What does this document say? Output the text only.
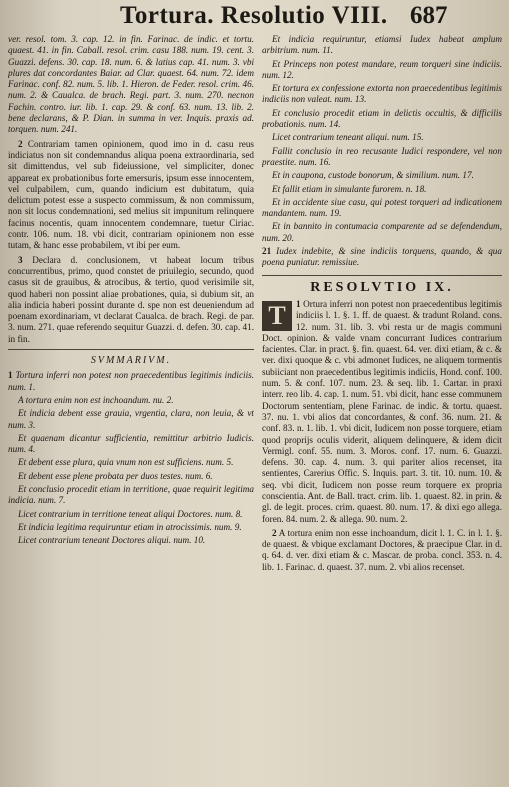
Tortura. Resolutio VIII. 687

ver. resol. tom. 3. cap. 12. in fin. Farinac. de indic. et tortu. quaest. 41. in fin. Caball. resol. crim. casu 188. num. 19. cent. 3. Guazzi. defens. 30. cap. 18. num. 6. & latius cap. 41. num. 3. vbi plures dat concordantes Baiar. ad Clar. quaest. 64. num. 72. idem Farinac. conf. 82. num. 5. lib. 1. Hieron. de Feder. resol. crim. 46. num. 2. & Caualca. de brach. Regi. part. 3. num. 270. necnon Fachin. contro. iur. lib. 1. cap. 29. & conf. 63. num. 13. lib. 2. bene declarans, & P. Dian. in summa in ver. Inquis. praxis ad. torquen. num. 241.

2 Contrariam tamen opinionem, quod imo in d. casu reus indiciatus non sit condemnandus aliqua poena extraordinaria, sed sit dimittendus, vel sub fideiussione, vel simpliciter, donec appareat ex probationibus forte emersuris, ipsum esse innocentem, vel culpabilem, cum, quando indicium est dubitatum, quia delictum potest esse a suspecto commissum, & non commissum, non sit locus condemnationi, sed melius sit impunitum relinquere facinus nocentis, quam innocentem condemnare, tuetur Ciriac. contr. 106. num. 18. vbi dicit, contrariam opinionem non esse tutam, & hanc esse probabilem, vt ibi per eum.

3 Declara d. conclusionem, vt habeat locum tribus concurrentibus, primo, quod constet de priuilegio, secundo, quod casus sit de grauibus, & atrocibus, & tertio, quod verisimile sit, quod haberi non possint aliae probationes, quia, si dubium sit, an alia indicia haberi possint durante d. spe non est deueniendum ad poenam exordinariam, vt declarat Caualca. de brach. Regi. de par. 3. num. 271. quae referendo sequitur Guazzi. d. defen. 30. cap. 41. in fin.

SVMMARIVM.

1 Tortura inferri non potest non praecedentibus legitimis indiciis. num. 1.

A tortura enim non est inchoandum. nu. 2.

Et indicia debent esse grauia, vrgentia, clara, non leuia, & vt num. 3.

Et quaenam dicantur sufficientia, remittitur arbitrio Iudicis. num. 4.

Et debent esse plura, quia vnum non est sufficiens. num. 5.

Et debent esse plene probata per duos testes. num. 6.

Et conclusio procedit etiam in territione, quae requirit legitima indicia. num. 7.

Licet contrarium in territione teneat aliqui Doctores. num. 8.

Et indicia legitima requiruntur etiam in atrocissimis. num. 9.

Licet contrarium teneant Doctores aliqui. num. 10.

Et indicia requiruntur, etiamsi Iudex habeat amplum arbitrium. num. 11.

Et Princeps non potest mandare, reum torqueri sine indiciis. num. 12.

Et tortura ex confessione extorta non praecedentibus legitimis indiciis non valeat. num. 13.

Et conclusio procedit etiam in delictis occultis, & difficilis probationis. num. 14.

Licet contrarium teneant aliqui. num. 15.

Fallit conclusio in reo recusante Iudici respondere, vel non praestite. num. 16.

Et in caupona, custode bonorum, & similium. num. 17.

Et fallit etiam in simulante furorem. n. 18.

Et in accidente siue casu, qui potest torqueri ad indicationem mandantem. num. 19.

Et in bannito in contumacia comparente ad se defendendum, num. 20.

21 Iudex indebite, & sine indiciis torquens, quando, & qua poena puniatur. remissiue.

RESOLVTIO IX.

1
T	Ortura inferri non potest non praecedentibus legitimis indiciis l. 1. §. 1. ff. de quaest. & tradunt Roland. cons. 12. num. 31. lib. 3. vbi resta ur de magis communi Doct. opinion. & valde vnam concurrant Iudices contrarium facientes. Clar. in pract. §. fin. quaest. 64. ver. dixi etiam, & c. & ver. dixi quoque & c. vbi admonet Iudices, ne aliquem tormentis subiiciant non praecedentibus legitimis indiciis, Hond. conf. 100. num. 5. & conf. 107. num. 23. & seq. lib. 1. Cartar. in praxi interr. reo lib. 4. cap. 1. num. 51. vbi dicit, hanc esse communem Doctorum sententiam, plene Farinac. de indic. & tortu. quaest. 37. nu. 1. vbi alios dat concordantes, & conf. 36. num. 21. & conf. 83. n. 1. lib. 1. vbi dicit, Iudicem non posse torquere, etiam quod proprijs oculis viderit, aliquem delinquere, & idem dicit Vermigl. conf. 55. num. 3. Moros. conf. 17. num. 6. Guazzi. defens. 30. cap. 4. num. 3. qui pariter alios recenset, ita sentientes, Carerius Offic. S. Inquis. part. 3. tit. 10. num. 10. & seq. vbi dicit, Iudicem non posse reum torquere ex propria conscientia. Ant. de Ball. tract. crim. lib. 1. quaest. 82. in prin. & gl. de legit. proces. crim. quaest. 80. num. 17. & dixi ego allega. foren. 84. num. 2. & allega. 90. num. 2.

2 A tortura enim non esse inchoandum, dicit l. 1. C. in l. 1. §. de quaest. & vbique exclamant Doctores, & praecipue Clar. in d. q. 64. d. ver. dixi etiam & c. Mascar. de proba. concl. 353. n. 4. lib. 1. Farinac. d. quaest. 37. num. 2. vbi alios recenset.
